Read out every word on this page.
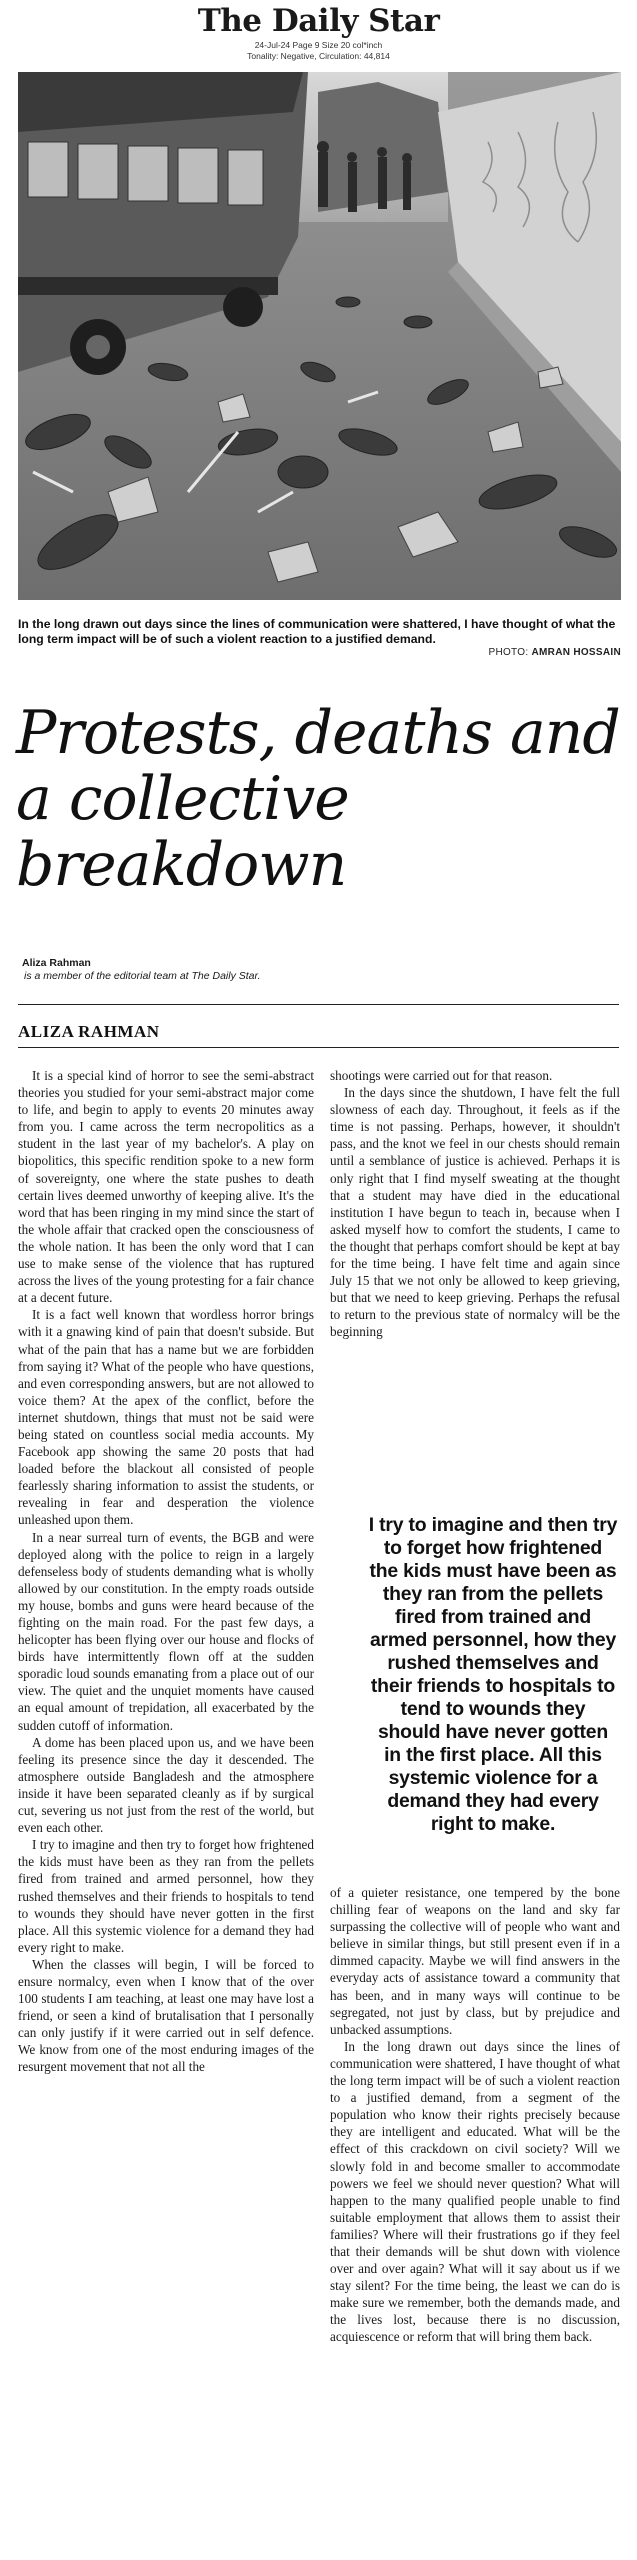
The Daily Star
24-Jul-24 Page 9 Size 20 col*inch
Tonality: Negative, Circulation: 44,814
In the long drawn out days since the lines of communication were shattered, I have thought of what the long term impact will be of such a violent reaction to a justified demand.
PHOTO: AMRAN HOSSAIN
Protests, deaths and a collective breakdown
Aliza Rahman
is a member of the editorial team at The Daily Star.
ALIZA RAHMAN

It is a special kind of horror to see the semi-abstract theories you studied for your semi-abstract major come to life, and begin to apply to events 20 minutes away from you. I came across the term necropolitics as a student in the last year of my bachelor's. A play on biopolitics, this specific rendition spoke to a new form of sovereignty, one where the state pushes to death certain lives deemed unworthy of keeping alive. It's the word that has been ringing in my mind since the start of the whole affair that cracked open the consciousness of the whole nation. It has been the only word that I can use to make sense of the violence that has ruptured across the lives of the young protesting for a fair chance at a decent future.

It is a fact well known that wordless horror brings with it a gnawing kind of pain that doesn't subside. But what of the pain that has a name but we are forbidden from saying it? What of the people who have questions, and even corresponding answers, but are not allowed to voice them? At the apex of the conflict, before the internet shutdown, things that must not be said were being stated on countless social media accounts. My Facebook app showing the same 20 posts that had loaded before the blackout all consisted of people fearlessly sharing information to assist the students, or revealing in fear and desperation the violence unleashed upon them.

In a near surreal turn of events, the BGB and were deployed along with the police to reign in a largely defenseless body of students demanding what is wholly allowed by our constitution. In the empty roads outside my house, bombs and guns were heard because of the fighting on the main road. For the past few days, a helicopter has been flying over our house and flocks of birds have intermittently flown off at the sudden sporadic loud sounds emanating from a place out of our view. The quiet and the unquiet moments have caused an equal amount of trepidation, all exacerbated by the sudden cutoff of information.

A dome has been placed upon us, and we have been feeling its presence since the day it descended. The atmosphere outside Bangladesh and the atmosphere inside it have been separated cleanly as if by surgical cut, severing us not just from the rest of the world, but even each other.

I try to imagine and then try to forget how frightened the kids must have been as they ran from the pellets fired from trained and armed personnel, how they rushed themselves and their friends to hospitals to tend to wounds they should have never gotten in the first place. All this systemic violence for a demand they had every right to make.

When the classes will begin, I will be forced to ensure normalcy, even when I know that of the over 100 students I am teaching, at least one may have lost a friend, or seen a kind of brutalisation that I personally can only justify if it were carried out in self defence. We know from one of the most enduring images of the resurgent movement that not all the

shootings were carried out for that reason.

In the days since the shutdown, I have felt the full slowness of each day. Throughout, it feels as if the time is not passing. Perhaps, however, it shouldn't pass, and the knot we feel in our chests should remain until a semblance of justice is achieved. Perhaps it is only right that I find myself sweating at the thought that a student may have died in the educational institution I have begun to teach in, because when I asked myself how to comfort the students, I came to the thought that perhaps comfort should be kept at bay for the time being. I have felt time and again since July 15 that we not only be allowed to keep grieving, but that we need to keep grieving. Perhaps the refusal to return to the previous state of normalcy will be the beginning

I try to imagine and then try to forget how frightened the kids must have been as they ran from the pellets fired from trained and armed personnel, how they rushed themselves and their friends to hospitals to tend to wounds they should have never gotten in the first place. All this systemic violence for a demand they had every right to make.

of a quieter resistance, one tempered by the bone chilling fear of weapons on the land and sky far surpassing the collective will of people who want and believe in similar things, but still present even if in a dimmed capacity. Maybe we will find answers in the everyday acts of assistance toward a community that has been, and in many ways will continue to be segregated, not just by class, but by prejudice and unbacked assumptions.

In the long drawn out days since the lines of communication were shattered, I have thought of what the long term impact will be of such a violent reaction to a justified demand, from a segment of the population who know their rights precisely because they are intelligent and educated. What will be the effect of this crackdown on civil society? Will we slowly fold in and become smaller to accommodate powers we feel we should never question? What will happen to the many qualified people unable to find suitable employment that allows them to assist their families? Where will their frustrations go if they feel that their demands will be shut down with violence over and over again? What will it say about us if we stay silent? For the time being, the least we can do is make sure we remember, both the demands made, and the lives lost, because there is no discussion, acquiescence or reform that will bring them back.
